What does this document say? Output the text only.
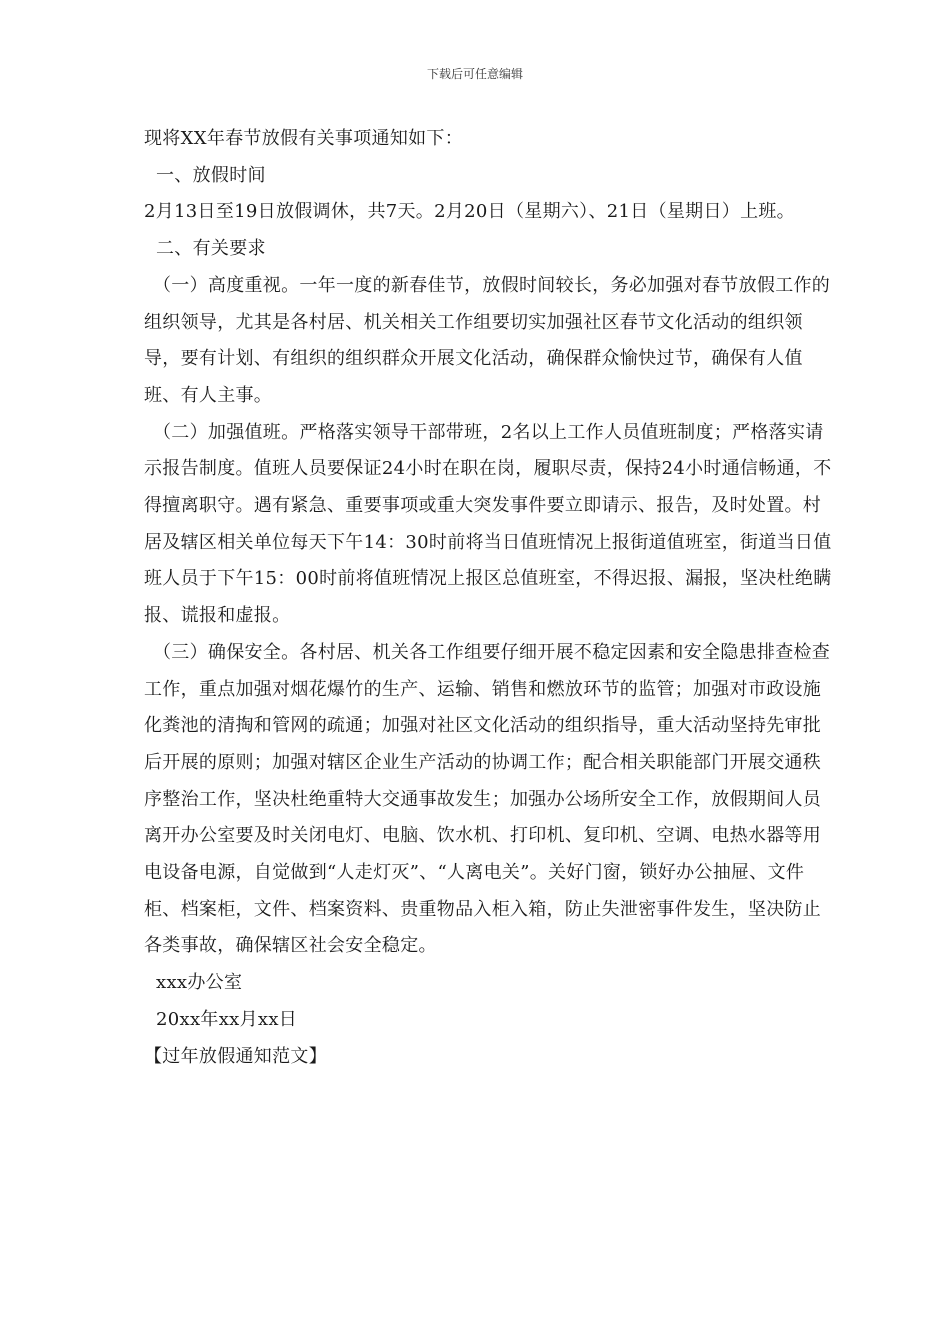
下载后可任意编辑

现将XX年春节放假有关事项通知如下：

一、放假时间

2月13日至19日放假调休，共7天。2月20日（星期六）、21日（星期日）上班。

二、有关要求

（一）高度重视。一年一度的新春佳节，放假时间较长，务必加强对春节放假工作的组织领导，尤其是各村居、机关相关工作组要切实加强社区春节文化活动的组织领导，要有计划、有组织的组织群众开展文化活动，确保群众愉快过节，确保有人值班、有人主事。

（二）加强值班。严格落实领导干部带班，2名以上工作人员值班制度；严格落实请示报告制度。值班人员要保证24小时在职在岗，履职尽责，保持24小时通信畅通，不得擅离职守。遇有紧急、重要事项或重大突发事件要立即请示、报告，及时处置。村居及辖区相关单位每天下午14：30时前将当日值班情况上报街道值班室，街道当日值班人员于下午15：00时前将值班情况上报区总值班室，不得迟报、漏报，坚决杜绝瞒报、谎报和虚报。

（三）确保安全。各村居、机关各工作组要仔细开展不稳定因素和安全隐患排查检查工作，重点加强对烟花爆竹的生产、运输、销售和燃放环节的监管；加强对市政设施化粪池的清掏和管网的疏通；加强对社区文化活动的组织指导，重大活动坚持先审批后开展的原则；加强对辖区企业生产活动的协调工作；配合相关职能部门开展交通秩序整治工作，坚决杜绝重特大交通事故发生；加强办公场所安全工作，放假期间人员离开办公室要及时关闭电灯、电脑、饮水机、打印机、复印机、空调、电热水器等用电设备电源，自觉做到“人走灯灭”、“人离电关”。关好门窗，锁好办公抽屉、文件柜、档案柜，文件、档案资料、贵重物品入柜入箱，防止失泄密事件发生，坚决防止各类事故，确保辖区社会安全稳定。

xxx办公室

20xx年xx月xx日

【过年放假通知范文】
